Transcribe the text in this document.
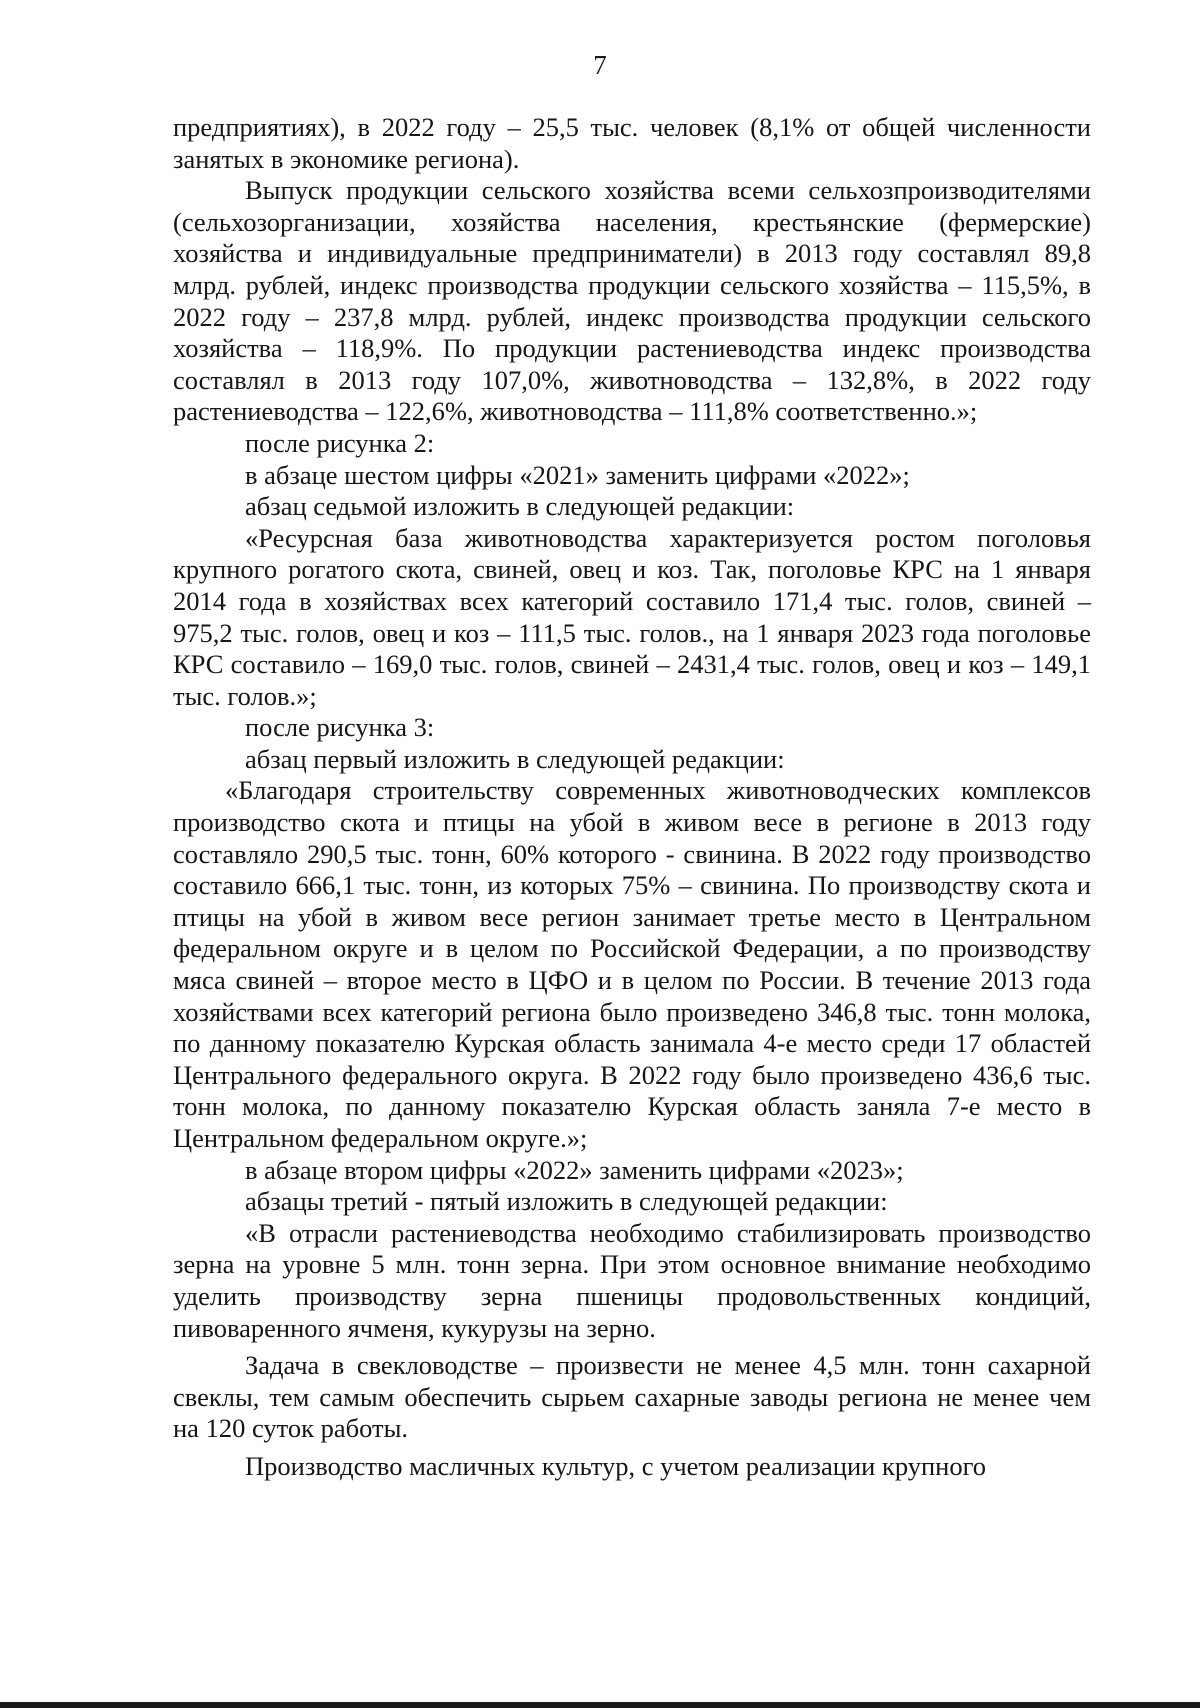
7

предприятиях), в 2022 году – 25,5 тыс. человек (8,1% от общей численности занятых в экономике региона).

Выпуск продукции сельского хозяйства всеми сельхозпроизводителями (сельхозорганизации, хозяйства населения, крестьянские (фермерские) хозяйства и индивидуальные предприниматели) в 2013 году составлял 89,8 млрд. рублей, индекс производства продукции сельского хозяйства – 115,5%, в 2022 году – 237,8 млрд. рублей, индекс производства продукции сельского хозяйства – 118,9%. По продукции растениеводства индекс производства составлял в 2013 году 107,0%, животноводства – 132,8%, в 2022 году растениеводства – 122,6%, животноводства – 111,8% соответственно.»;

после рисунка 2:

в абзаце шестом цифры «2021» заменить цифрами «2022»;

абзац седьмой изложить в следующей редакции:

«Ресурсная база животноводства характеризуется ростом поголовья крупного рогатого скота, свиней, овец и коз. Так, поголовье КРС на 1 января 2014 года в хозяйствах всех категорий составило 171,4 тыс. голов, свиней – 975,2 тыс. голов, овец и коз – 111,5 тыс. голов., на 1 января 2023 года поголовье КРС составило – 169,0 тыс. голов, свиней – 2431,4 тыс. голов, овец и коз – 149,1 тыс. голов.»;

после рисунка 3:

абзац первый изложить в следующей редакции:

«Благодаря строительству современных животноводческих комплексов производство скота и птицы на убой в живом весе в регионе в 2013 году составляло 290,5 тыс. тонн, 60% которого - свинина. В 2022 году производство составило 666,1 тыс. тонн, из которых 75% – свинина. По производству скота и птицы на убой в живом весе регион занимает третье место в Центральном федеральном округе и в целом по Российской Федерации, а по производству мяса свиней – второе место в ЦФО и в целом по России. В течение 2013 года хозяйствами всех категорий региона было произведено 346,8 тыс. тонн молока, по данному показателю Курская область занимала 4-е место среди 17 областей Центрального федерального округа. В 2022 году было произведено 436,6 тыс. тонн молока, по данному показателю Курская область заняла 7-е место в Центральном федеральном округе.»;

в абзаце втором цифры «2022» заменить цифрами «2023»;

абзацы третий - пятый изложить в следующей редакции:

«В отрасли растениеводства необходимо стабилизировать производство зерна на уровне 5 млн. тонн зерна. При этом основное внимание необходимо уделить производству зерна пшеницы продовольственных кондиций, пивоваренного ячменя, кукурузы на зерно.

Задача в свекловодстве – произвести не менее 4,5 млн. тонн сахарной свеклы, тем самым обеспечить сырьем сахарные заводы региона не менее чем на 120 суток работы.

Производство масличных культур, с учетом реализации крупного
